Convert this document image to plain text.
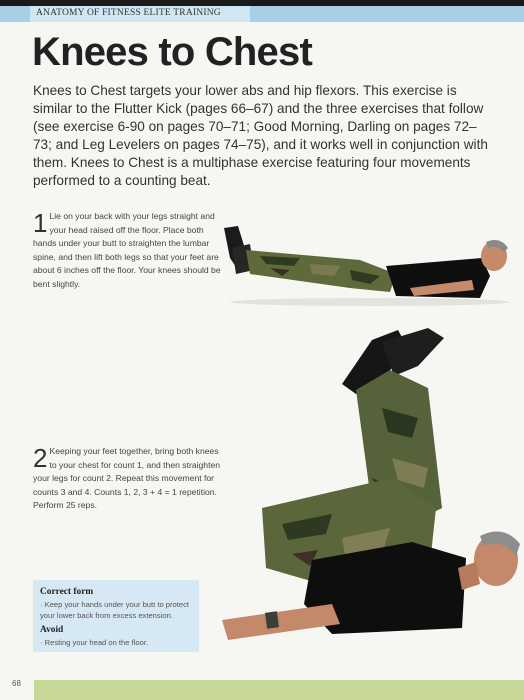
ANATOMY OF FITNESS ELITE TRAINING
Knees to Chest

Knees to Chest targets your lower abs and hip flexors. This exercise is similar to the Flutter Kick (pages 66–67) and the three exercises that follow (see exercise 6-90 on pages 70–71; Good Morning, Darling on pages 72–73; and Leg Levelers on pages 74–75), and it works well in conjunction with them. Knees to Chest is a multiphase exercise featuring four movements performed to a counting beat.

1 Lie on your back with your legs straight and your head raised off the floor. Place both hands under your butt to straighten the lumbar spine, and then lift both legs so that your feet are about 6 inches off the floor. Your knees should be bent slightly.
2 Keeping your feet together, bring both knees to your chest for count 1, and then straighten your legs for count 2. Repeat this movement for counts 3 and 4. Counts 1, 2, 3 + 4 = 1 repetition. Perform 25 reps.
Correct form
· Keep your hands under your butt to protect your lower back from excess extension.
Avoid
· Resting your head on the floor.
68
